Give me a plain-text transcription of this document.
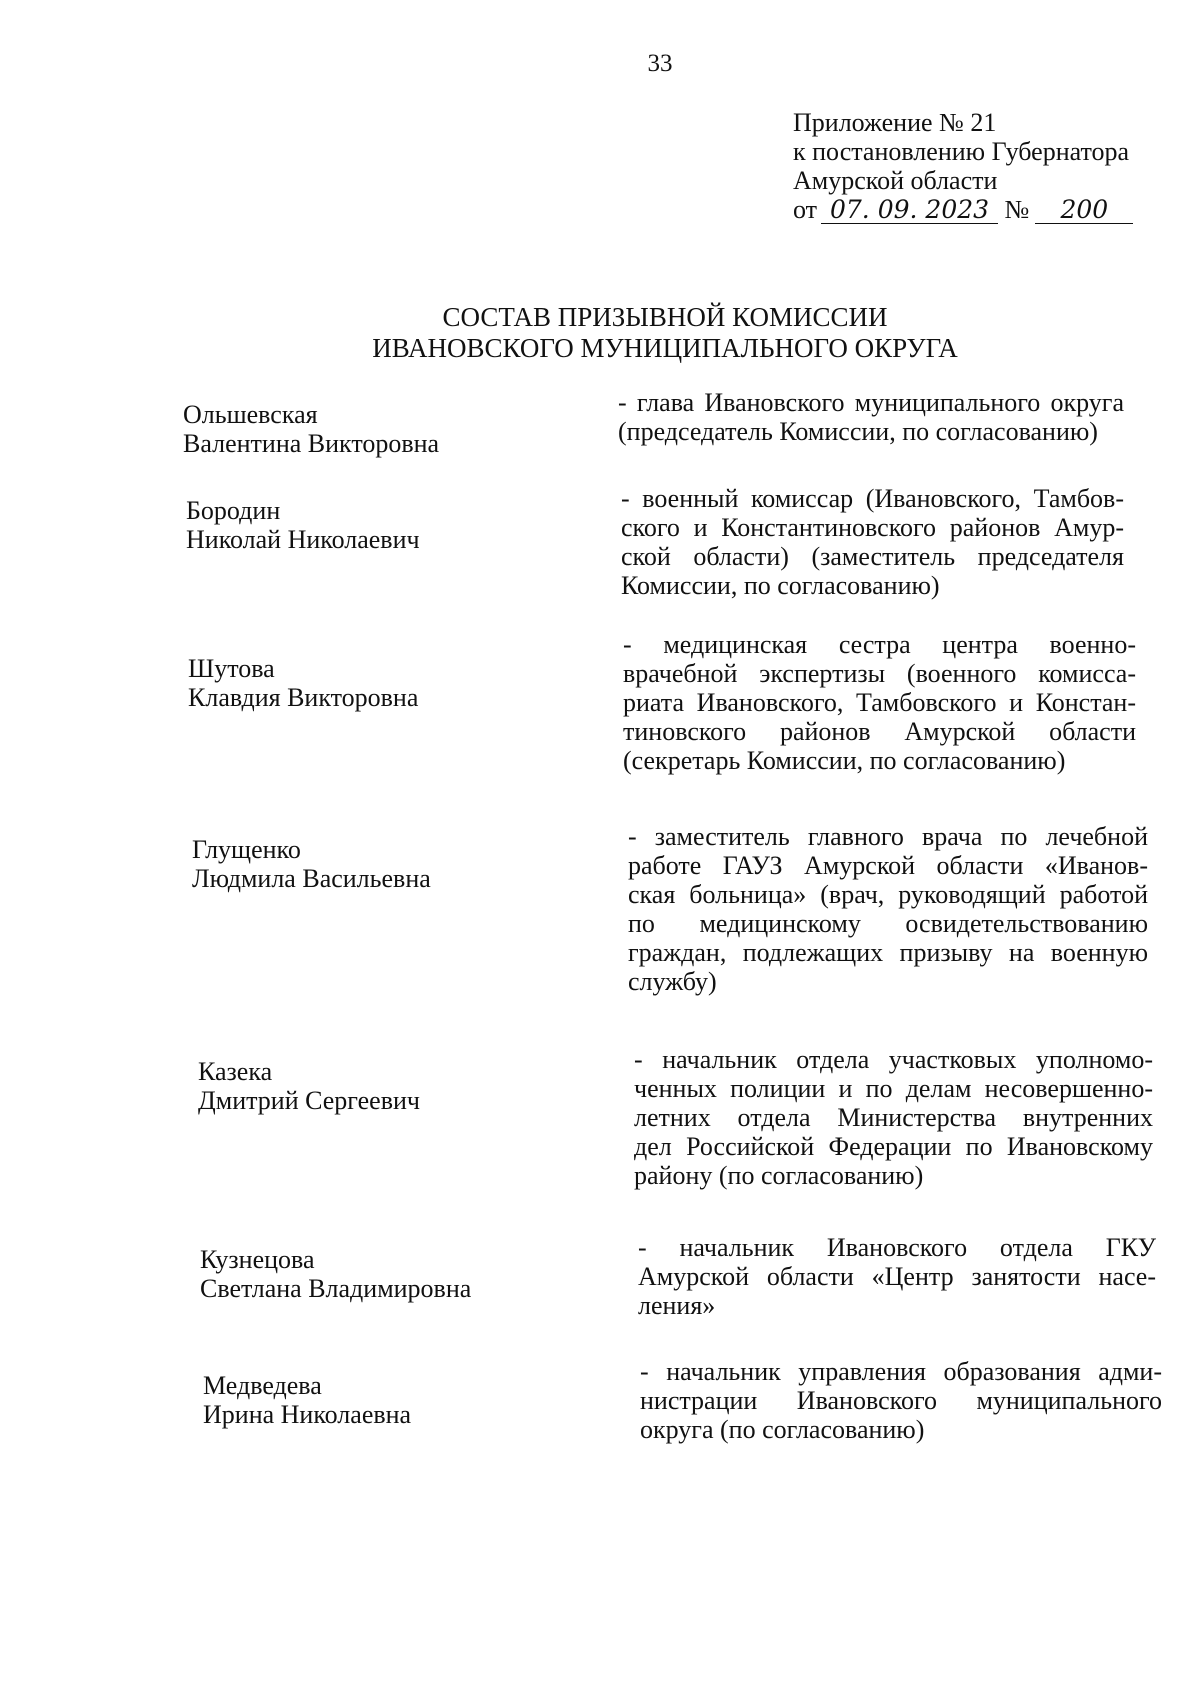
33
Приложение № 21
к постановлению Губернатора
Амурской области
от 07. 09. 2023 № 200
СОСТАВ ПРИЗЫВНОЙ КОМИССИИ
ИВАНОВСКОГО МУНИЦИПАЛЬНОГО ОКРУГА
Ольшевская
Валентина Викторовна
- глава Ивановского муниципального округа
(председатель Комиссии, по согласованию)
Бородин
Николай Николаевич
- военный комиссар (Ивановского, Тамбов-
ского и Константиновского районов Амур-
ской области) (заместитель председателя
Комиссии, по согласованию)
Шутова
Клавдия Викторовна
- медицинская сестра центра военно-
врачебной экспертизы (военного комисса-
риата Ивановского, Тамбовского и Констан-
тиновского районов Амурской области
(секретарь Комиссии, по согласованию)
Глущенко
Людмила Васильевна
- заместитель главного врача по лечебной
работе ГАУЗ Амурской области «Иванов-
ская больница» (врач, руководящий работой
по медицинскому освидетельствованию
граждан, подлежащих призыву на военную
службу)
Казека
Дмитрий Сергеевич
- начальник отдела участковых уполномо-
ченных полиции и по делам несовершенно-
летних отдела Министерства внутренних
дел Российской Федерации по Ивановскому
району (по согласованию)
Кузнецова
Светлана Владимировна
- начальник Ивановского отдела ГКУ
Амурской области «Центр занятости насе-
ления»
Медведева
Ирина Николаевна
- начальник управления образования адми-
нистрации Ивановского муниципального
округа (по согласованию)
